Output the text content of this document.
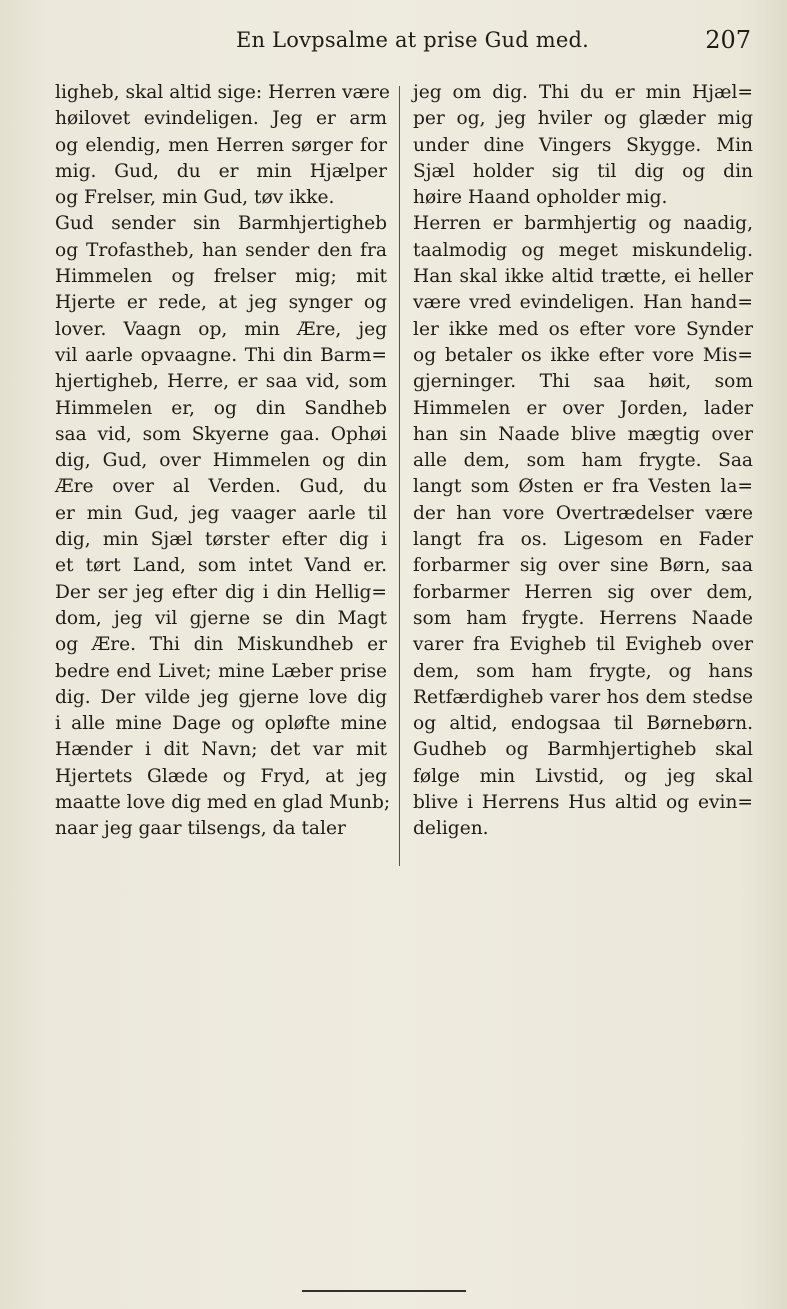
En Lovpsalme at prise Gud med.	207
ligheb, skal altid sige: Herren være
høilovet evindeligen. Jeg er arm
og elendig, men Herren sørger for
mig. Gud, du er min Hjælper
og Frelser, min Gud, tøv ikke.
Gud sender sin Barmhjertigheb
og Trofastheb, han sender den fra
Himmelen og frelser mig; mit
Hjerte er rede, at jeg synger og
lover. Vaagn op, min Ære, jeg
vil aarle opvaagne. Thi din Barm=
hjertigheb, Herre, er saa vid, som
Himmelen er, og din Sandheb
saa vid, som Skyerne gaa. Ophøi
dig, Gud, over Himmelen og din
Ære over al Verden. Gud, du
er min Gud, jeg vaager aarle til
dig, min Sjæl tørster efter dig i
et tørt Land, som intet Vand er.
Der ser jeg efter dig i din Hellig=
dom, jeg vil gjerne se din Magt
og Ære. Thi din Miskundheb er
bedre end Livet; mine Læber prise
dig. Der vilde jeg gjerne love dig
i alle mine Dage og opløfte mine
Hænder i dit Navn; det var mit
Hjertets Glæde og Fryd, at jeg
maatte love dig med en glad Munb;
naar jeg gaar tilsengs, da taler
jeg om dig. Thi du er min Hjæl=
per og, jeg hviler og glæder mig
under dine Vingers Skygge. Min
Sjæl holder sig til dig og din
høire Haand opholder mig.
Herren er barmhjertig og naadig,
taalmodig og meget miskundelig.
Han skal ikke altid trætte, ei heller
være vred evindeligen. Han hand=
ler ikke med os efter vore Synder
og betaler os ikke efter vore Mis=
gjerninger. Thi saa høit, som
Himmelen er over Jorden, lader
han sin Naade blive mægtig over
alle dem, som ham frygte. Saa
langt som Østen er fra Vesten la=
der han vore Overtrædelser være
langt fra os. Ligesom en Fader
forbarmer sig over sine Børn, saa
forbarmer Herren sig over dem,
som ham frygte. Herrens Naade
varer fra Evigheb til Evigheb over
dem, som ham frygte, og hans
Retfærdigheb varer hos dem stedse
og altid, endogsaa til Børnebørn.
Gudheb og Barmhjertigheb skal
følge min Livstid, og jeg skal
blive i Herrens Hus altid og evin=
deligen.
